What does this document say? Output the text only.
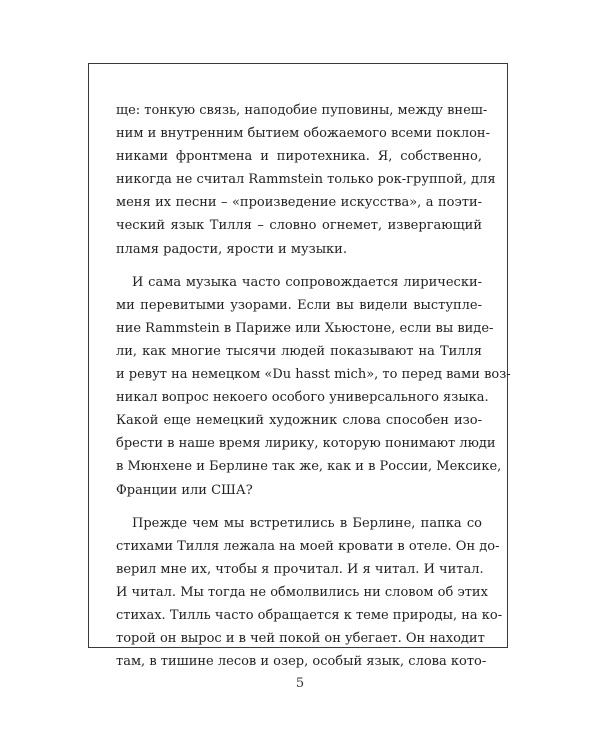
ще: тонкую связь, наподобие пуповины, между внеш-
ним и внутренним бытием обожаемого всеми поклон-
никами фронтмена и пиротехника. Я, собственно,
никогда не считал Rammstein только рок-группой, для
меня их песни – «произведение искусства», а поэти-
ческий язык Тилля – словно огнемет, извергающий
пламя радости, ярости и музыки.

И сама музыка часто сопровождается лирически-
ми перевитыми узорами. Если вы видели выступле-
ние Rammstein в Париже или Хьюстоне, если вы виде-
ли, как многие тысячи людей показывают на Тилля
и ревут на немецком «Du hasst mich», то перед вами воз-
никал вопрос некоего особого универсального языка.
Какой еще немецкий художник слова способен изо-
брести в наше время лирику, которую понимают люди
в Мюнхене и Берлине так же, как и в России, Мексике,
Франции или США?

Прежде чем мы встретились в Берлине, папка со
стихами Тилля лежала на моей кровати в отеле. Он до-
верил мне их, чтобы я прочитал. И я читал. И читал.
И читал. Мы тогда не обмолвились ни словом об этих
стихах. Тилль часто обращается к теме природы, на ко-
торой он вырос и в чей покой он убегает. Он находит
там, в тишине лесов и озер, особый язык, слова кото-

5
